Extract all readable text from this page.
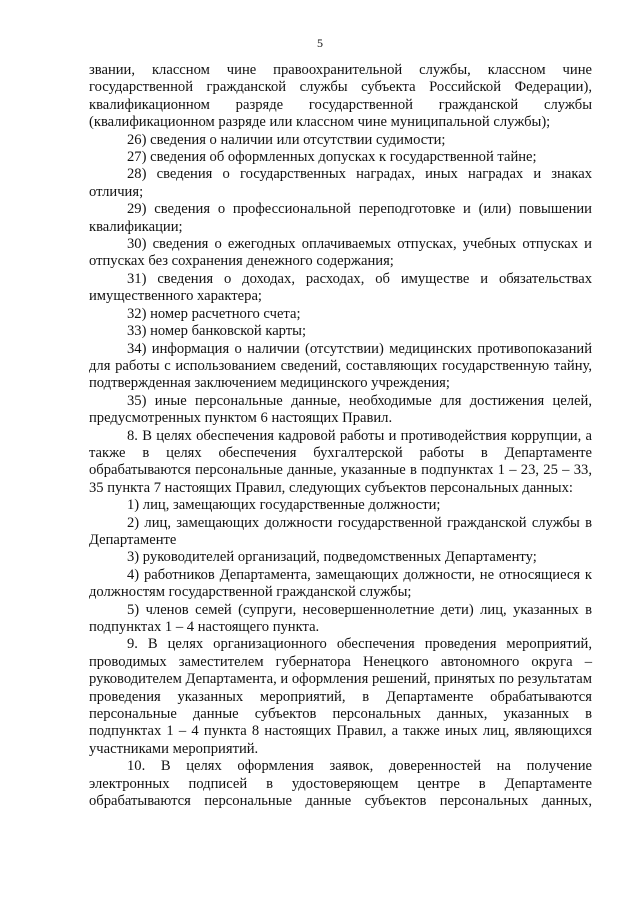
5

звании, классном чине правоохранительной службы, классном чине государственной гражданской службы субъекта Российской Федерации), квалификационном разряде государственной гражданской службы (квалификационном разряде или классном чине муниципальной службы);

26) сведения о наличии или отсутствии судимости;

27) сведения об оформленных допусках к государственной тайне;

28) сведения о государственных наградах, иных наградах и знаках отличия;

29) сведения о профессиональной переподготовке и (или) повышении квалификации;

30) сведения о ежегодных оплачиваемых отпусках, учебных отпусках и отпусках без сохранения денежного содержания;

31) сведения о доходах, расходах, об имуществе и обязательствах имущественного характера;

32) номер расчетного счета;

33) номер банковской карты;

34) информация о наличии (отсутствии) медицинских противопоказаний для работы с использованием сведений, составляющих государственную тайну, подтвержденная заключением медицинского учреждения;

35) иные персональные данные, необходимые для достижения целей, предусмотренных пунктом 6 настоящих Правил.

8. В целях обеспечения кадровой работы и противодействия коррупции, а также в целях обеспечения бухгалтерской работы в Департаменте обрабатываются персональные данные, указанные в подпунктах 1 – 23, 25 – 33, 35 пункта 7 настоящих Правил, следующих субъектов персональных данных:

1) лиц, замещающих государственные должности;

2) лиц, замещающих должности государственной гражданской службы в Департаменте

3) руководителей организаций, подведомственных Департаменту;

4) работников Департамента, замещающих должности, не относящиеся к должностям государственной гражданской службы;

5) членов семей (супруги, несовершеннолетние дети) лиц, указанных в подпунктах 1 – 4 настоящего пункта.

9. В целях организационного обеспечения проведения мероприятий, проводимых заместителем губернатора Ненецкого автономного округа – руководителем Департамента, и оформления решений, принятых по результатам проведения указанных мероприятий, в Департаменте обрабатываются персональные данные субъектов персональных данных, указанных в подпунктах 1 – 4 пункта 8 настоящих Правил, а также иных лиц, являющихся участниками мероприятий.

10. В целях оформления заявок, доверенностей на получение электронных подписей в удостоверяющем центре в Департаменте обрабатываются персональные данные субъектов персональных данных,
